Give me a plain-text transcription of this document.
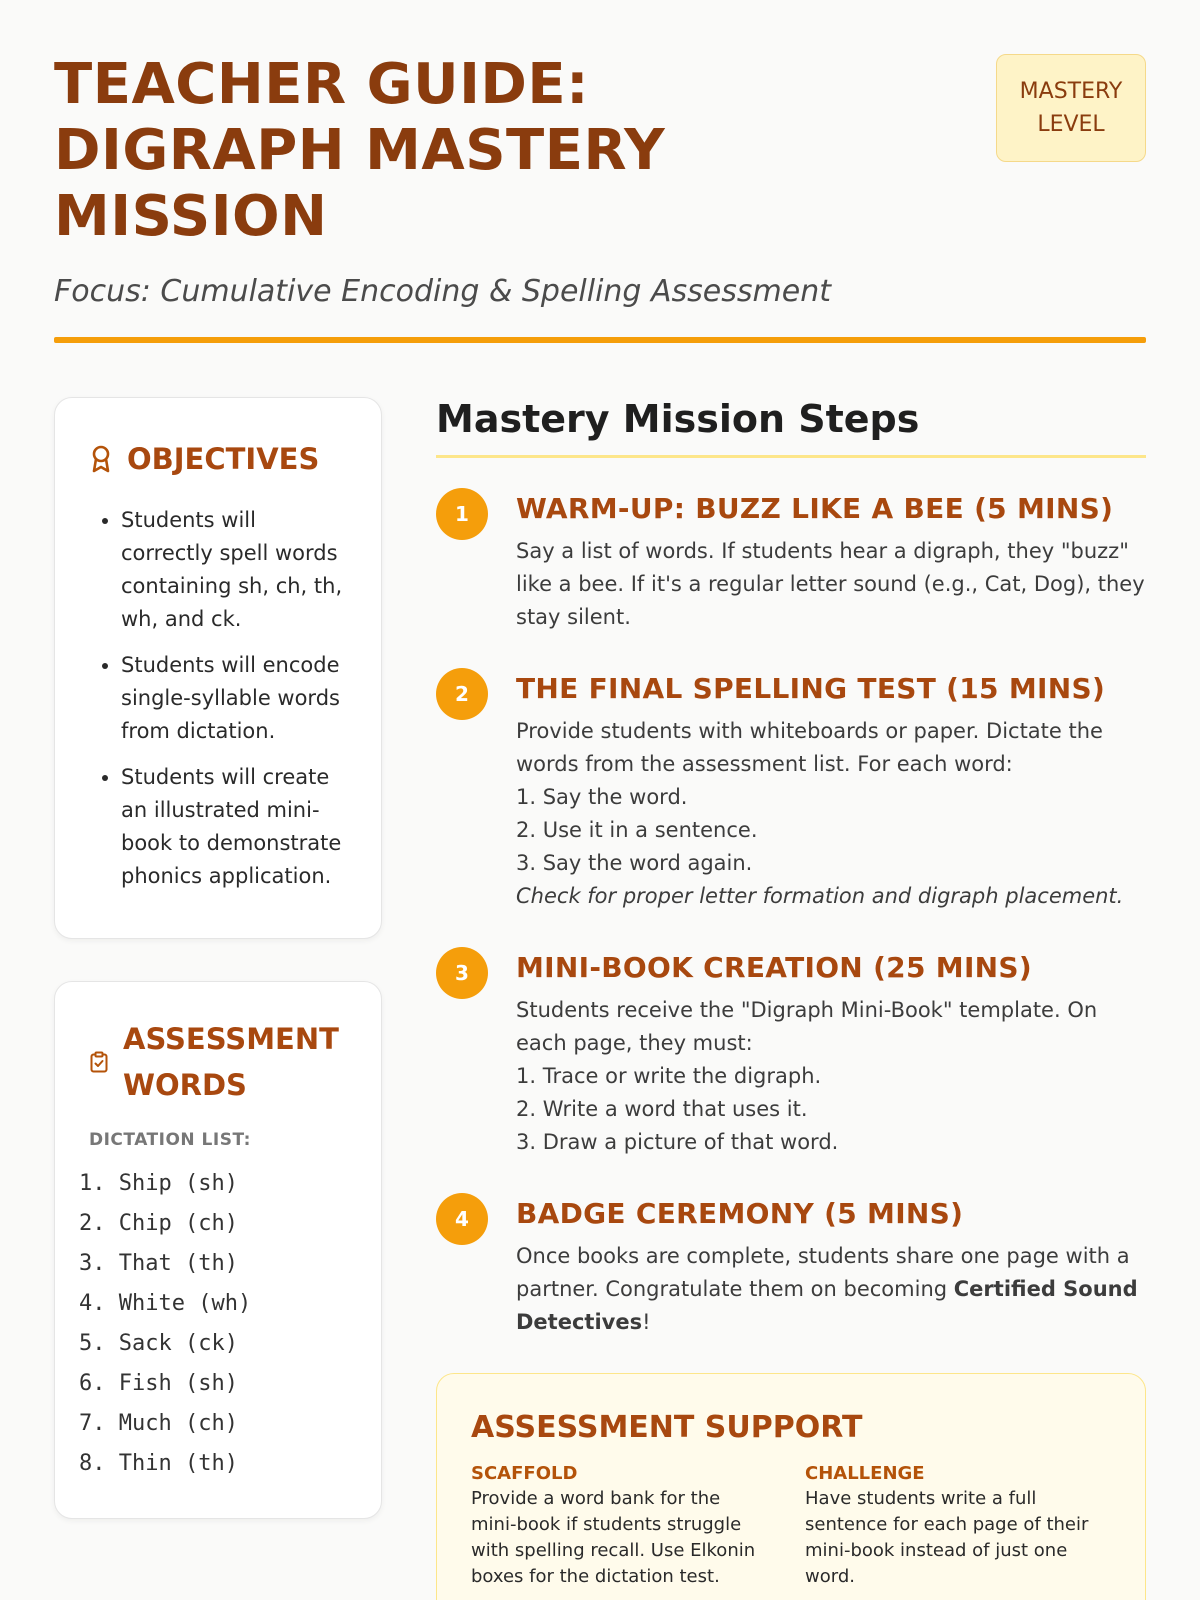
TEACHER GUIDE: DIGRAPH MASTERY MISSION
MASTERY LEVEL
Focus: Cumulative Encoding & Spelling Assessment
OBJECTIVES
• Students will correctly spell words containing sh, ch, th, wh, and ck.
• Students will encode single-syllable words from dictation.
• Students will create an illustrated mini-book to demonstrate phonics application.
ASSESSMENT WORDS
DICTATION LIST:
1. Ship (sh)
2. Chip (ch)
3. That (th)
4. White (wh)
5. Sack (ck)
6. Fish (sh)
7. Much (ch)
8. Thin (th)
Mastery Mission Steps
1	WARM-UP: BUZZ LIKE A BEE (5 MINS)
Say a list of words. If students hear a digraph, they "buzz" like a bee. If it's a regular letter sound (e.g., Cat, Dog), they stay silent.
2	THE FINAL SPELLING TEST (15 MINS)
Provide students with whiteboards or paper. Dictate the words from the assessment list. For each word:
1. Say the word.
2. Use it in a sentence.
3. Say the word again.
Check for proper letter formation and digraph placement.
3	MINI-BOOK CREATION (25 MINS)
Students receive the "Digraph Mini-Book" template. On each page, they must:
1. Trace or write the digraph.
2. Write a word that uses it.
3. Draw a picture of that word.
4	BADGE CEREMONY (5 MINS)
Once books are complete, students share one page with a partner. Congratulate them on becoming Certified Sound Detectives!
ASSESSMENT SUPPORT
SCAFFOLD
Provide a word bank for the mini-book if students struggle with spelling recall. Use Elkonin boxes for the dictation test.
CHALLENGE
Have students write a full sentence for each page of their mini-book instead of just one word.
